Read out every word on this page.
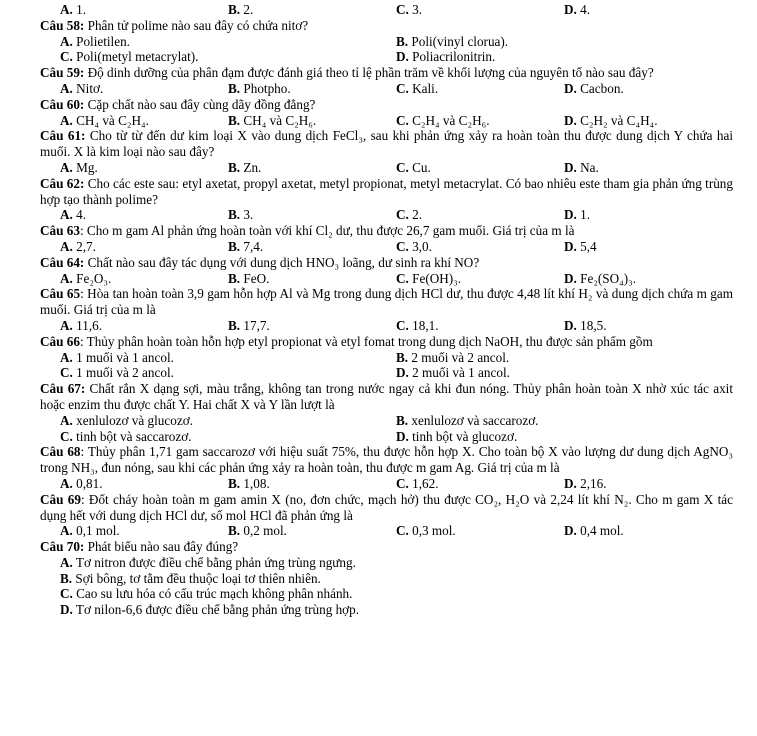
A. 1.	B. 2.	C. 3.	D. 4.
Câu 58: Phân tử polime nào sau đây có chứa nitơ?
A. Polietilen.	B. Poli(vinyl clorua).
C. Poli(metyl metacrylat).	D. Poliacrilonitrin.
Câu 59: Độ dinh dưỡng của phân đạm được đánh giá theo tỉ lệ phần trăm về khối lượng của nguyên tố nào sau đây?
A. Nitơ.	B. Photpho.	C. Kali.	D. Cacbon.
Câu 60: Cặp chất nào sau đây cùng dãy đồng đẳng?
A. CH₄ và C₂H₄.	B. CH₄ và C₂H₆.	C. C₂H₄ và C₂H₆.	D. C₂H₂ và C₄H₄.
Câu 61: Cho từ từ đến dư kim loại X vào dung dịch FeCl₃, sau khi phản ứng xảy ra hoàn toàn thu được dung dịch Y chứa hai muối. X là kim loại nào sau đây?
A. Mg.	B. Zn.	C. Cu.	D. Na.
Câu 62: Cho các este sau: etyl axetat, propyl axetat, metyl propionat, metyl metacrylat. Có bao nhiêu este tham gia phản ứng trùng hợp tạo thành polime?
A. 4.	B. 3.	C. 2.	D. 1.
Câu 63: Cho m gam Al phản ứng hoàn toàn với khí Cl₂ dư, thu được 26,7 gam muối. Giá trị của m là
A. 2,7.	B. 7,4.	C. 3,0.	D. 5,4
Câu 64: Chất nào sau đây tác dụng với dung dịch HNO₃ loãng, dư sinh ra khí NO?
A. Fe₂O₃.	B. FeO.	C. Fe(OH)₃.	D. Fe₂(SO₄)₃.
Câu 65: Hòa tan hoàn toàn 3,9 gam hỗn hợp Al và Mg trong dung dịch HCl dư, thu được 4,48 lít khí H₂ và dung dịch chứa m gam muối. Giá trị của m là
A. 11,6.	B. 17,7.	C. 18,1.	D. 18,5.
Câu 66: Thủy phân hoàn toàn hỗn hợp etyl propionat và etyl fomat trong dung dịch NaOH, thu được sản phẩm gồm
A. 1 muối và 1 ancol.	B. 2 muối và 2 ancol.
C. 1 muối và 2 ancol.	D. 2 muối và 1 ancol.
Câu 67: Chất rắn X dạng sợi, màu trắng, không tan trong nước ngay cả khi đun nóng. Thủy phân hoàn toàn X nhờ xúc tác axit hoặc enzim thu được chất Y. Hai chất X và Y lần lượt là
A. xenlulozơ và glucozơ.	B. xenlulozơ và saccarozơ.
C. tinh bột và saccarozơ.	D. tinh bột và glucozơ.
Câu 68: Thủy phân 1,71 gam saccarozơ với hiệu suất 75%, thu được hỗn hợp X. Cho toàn bộ X vào lượng dư dung dịch AgNO₃ trong NH₃, đun nóng, sau khi các phản ứng xảy ra hoàn toàn, thu được m gam Ag. Giá trị của m là
A. 0,81.	B. 1,08.	C. 1,62.	D. 2,16.
Câu 69: Đốt cháy hoàn toàn m gam amin X (no, đơn chức, mạch hở) thu được CO₂, H₂O và 2,24 lít khí N₂. Cho m gam X tác dụng hết với dung dịch HCl dư, số mol HCl đã phản ứng là
A. 0,1 mol.	B. 0,2 mol.	C. 0,3 mol.	D. 0,4 mol.
Câu 70: Phát biểu nào sau đây đúng?
A. Tơ nitron được điều chế bằng phản ứng trùng ngưng.
B. Sợi bông, tơ tằm đều thuộc loại tơ thiên nhiên.
C. Cao su lưu hóa có cấu trúc mạch không phân nhánh.
D. Tơ nilon-6,6 được điều chế bằng phản ứng trùng hợp.
